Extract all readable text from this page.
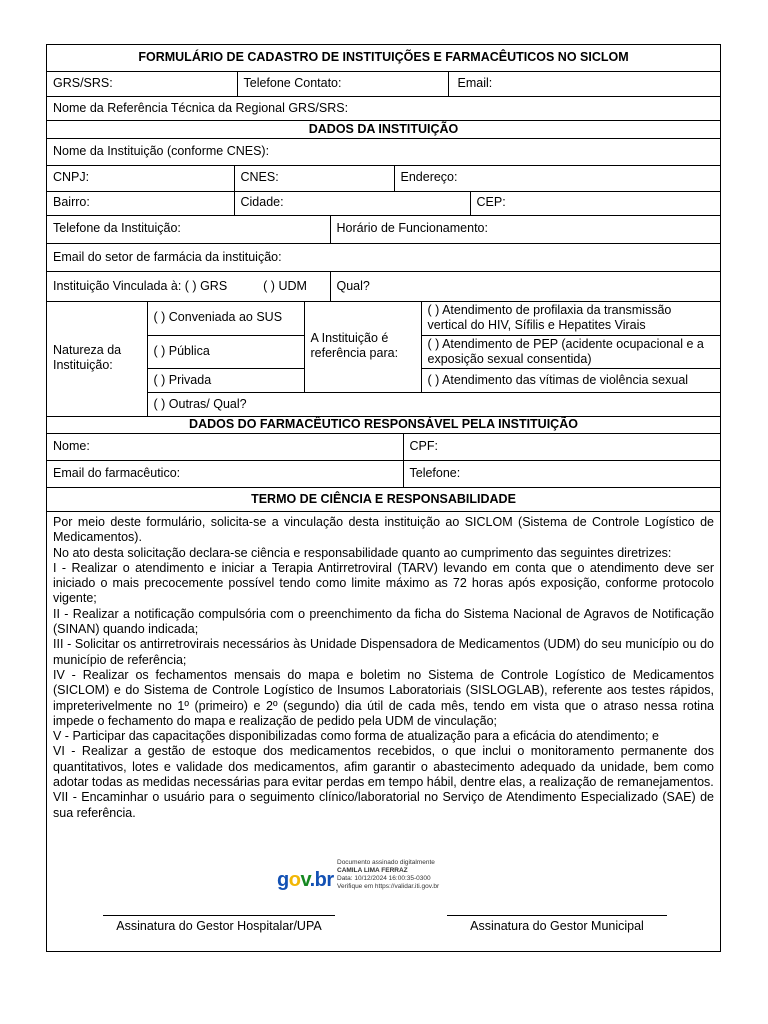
FORMULÁRIO DE CADASTRO DE INSTITUIÇÕES E FARMACÊUTICOS NO SICLOM
GRS/SRS:	Telefone Contato:	Email:
Nome da Referência Técnica da Regional GRS/SRS:
DADOS DA INSTITUIÇÃO
Nome da Instituição (conforme CNES):
CNPJ:	CNES:	Endereço:
Bairro:	Cidade:	CEP:
Telefone da Instituição:	Horário de Funcionamento:
Email do setor de farmácia da instituição:	
Instituição Vinculada à: ( ) GRS ( ) UDM	Qual?
Natureza da Instituição:	( ) Conveniada ao SUS	A Instituição é referência para:	( ) Atendimento de profilaxia da transmissão vertical do HIV, Sífilis e Hepatites Virais
	( ) Pública		( ) Atendimento de PEP (acidente ocupacional e a exposição sexual consentida)
	( ) Privada		( ) Atendimento das vítimas de violência sexual
	( ) Outras/ Qual?		
DADOS DO FARMACÊUTICO RESPONSÁVEL PELA INSTITUIÇÃO	
Nome:	CPF:
Email do farmacêutico:	Telefone:
TERMO DE CIÊNCIA E RESPONSABILIDADE	

Por meio deste formulário, solicita-se a vinculação desta instituição ao SICLOM (Sistema de Controle Logístico de Medicamentos).

No ato desta solicitação declara-se ciência e responsabilidade quanto ao cumprimento das seguintes diretrizes:

I - Realizar o atendimento e iniciar a Terapia Antirretroviral (TARV) levando em conta que o atendimento deve ser iniciado o mais precocemente possível tendo como limite máximo as 72 horas após exposição, conforme protocolo vigente;

II - Realizar a notificação compulsória com o preenchimento da ficha do Sistema Nacional de Agravos de Notificação (SINAN) quando indicada;

III - Solicitar os antirretrovirais necessários às Unidade Dispensadora de Medicamentos (UDM) do seu município ou do município de referência;

IV - Realizar os fechamentos mensais do mapa e boletim no Sistema de Controle Logístico de Medicamentos (SICLOM) e do Sistema de Controle Logístico de Insumos Laboratoriais (SISLOGLAB), referente aos testes rápidos, impreterivelmente no 1º (primeiro) e 2º (segundo) dia útil de cada mês, tendo em vista que o atraso nessa rotina impede o fechamento do mapa e realização de pedido pela UDM de vinculação;

V - Participar das capacitações disponibilizadas como forma de atualização para a eficácia do atendimento; e

VI - Realizar a gestão de estoque dos medicamentos recebidos, o que inclui o monitoramento permanente dos quantitativos, lotes e validade dos medicamentos, afim garantir o abastecimento adequado da unidade, bem como adotar todas as medidas necessárias para evitar perdas em tempo hábil, dentre elas, a realização de remanejamentos.

VII - Encaminhar o usuário para o seguimento clínico/laboratorial no Serviço de Atendimento Especializado (SAE) de sua referência.

gov.br
Documento assinado digitalmente
CAMILA LIMA FERRAZ
Data: 10/12/2024 16:00:35-0300
Verifique em https://validar.iti.gov.br
Assinatura do Gestor Hospitalar/UPA	Assinatura do Gestor Municipal
